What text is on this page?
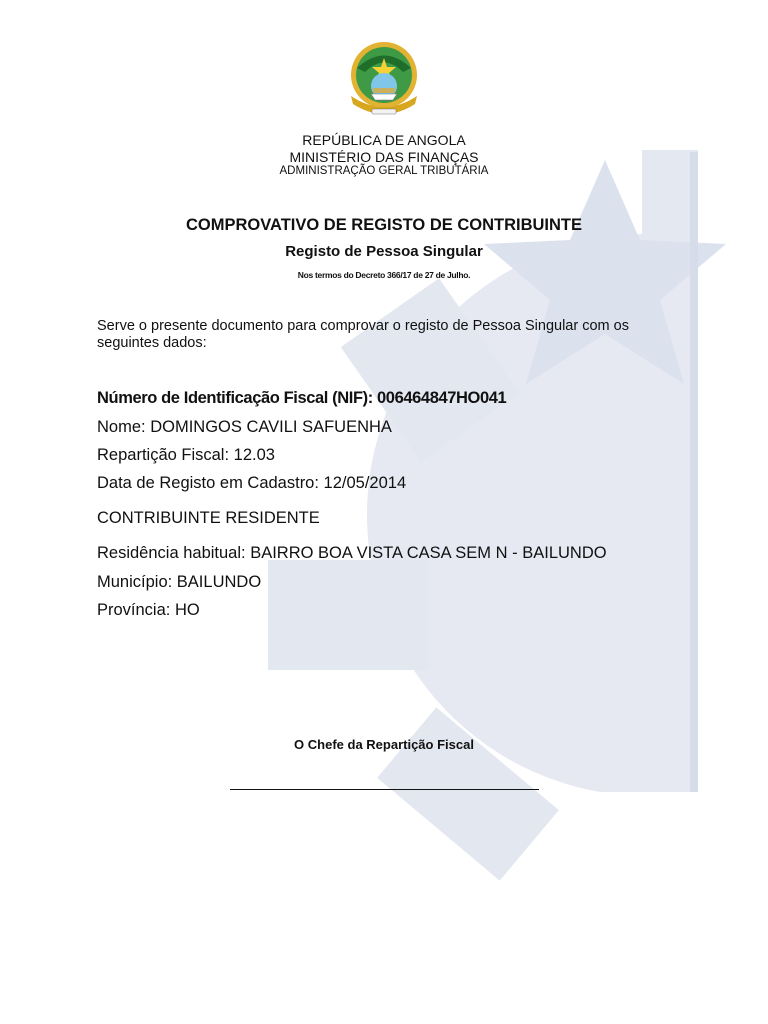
REPÚBLICA DE ANGOLA
MINISTÉRIO DAS FINANÇAS
ADMINISTRAÇÃO GERAL TRIBUTÁRIA
COMPROVATIVO DE REGISTO DE CONTRIBUINTE
Registo de Pessoa Singular
Nos termos do Decreto 366/17 de 27 de Julho.
Serve o presente documento para comprovar o registo de Pessoa Singular com os seguintes dados:
Número de Identificação Fiscal (NIF): 006464847HO041
Nome: DOMINGOS CAVILI SAFUENHA
Repartição Fiscal: 12.03
Data de Registo em Cadastro: 12/05/2014
CONTRIBUINTE RESIDENTE
Residência habitual: BAIRRO BOA VISTA CASA SEM N - BAILUNDO
Município: BAILUNDO
Província: HO
O Chefe da Repartição Fiscal
